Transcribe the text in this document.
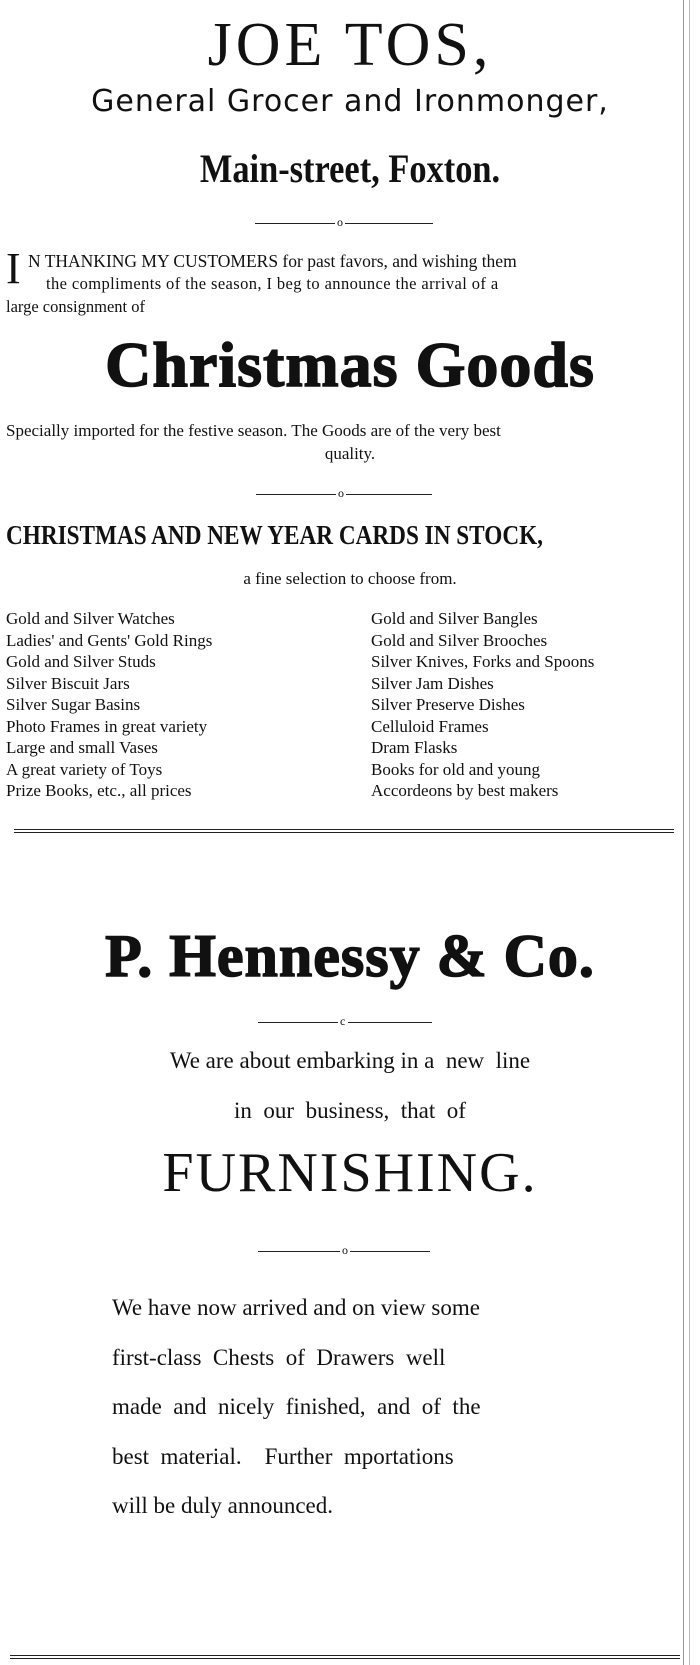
JOE TOS,
General Grocer and Ironmonger,
Main-street, Foxton.
o
I N THANKING MY CUSTOMERS for past favors, and wishing them
the compliments of the season, I beg to announce the arrival of a
large consignment of
Christmas Goods
Specially imported for the festive season. The Goods are of the very best
quality.
o
CHRISTMAS AND NEW YEAR CARDS IN STOCK,
a fine selection to choose from.
Gold and Silver Watches
Ladies' and Gents' Gold Rings
Gold and Silver Studs
Silver Biscuit Jars
Silver Sugar Basins
Photo Frames in great variety
Large and small Vases
A great variety of Toys
Prize Books, etc., all prices
Gold and Silver Bangles
Gold and Silver Brooches
Silver Knives, Forks and Spoons
Silver Jam Dishes
Silver Preserve Dishes
Celluloid Frames
Dram Flasks
Books for old and young
Accordeons by best makers
P. Hennessy & Co.
c
We are about embarking in a  new  line
in  our  business,  that  of
FURNISHING.
o
We have now arrived and on view some
first-class  Chests  of  Drawers  well
made  and  nicely  finished,  and  of  the
best  material.    Further  mportations
will be duly announced.
